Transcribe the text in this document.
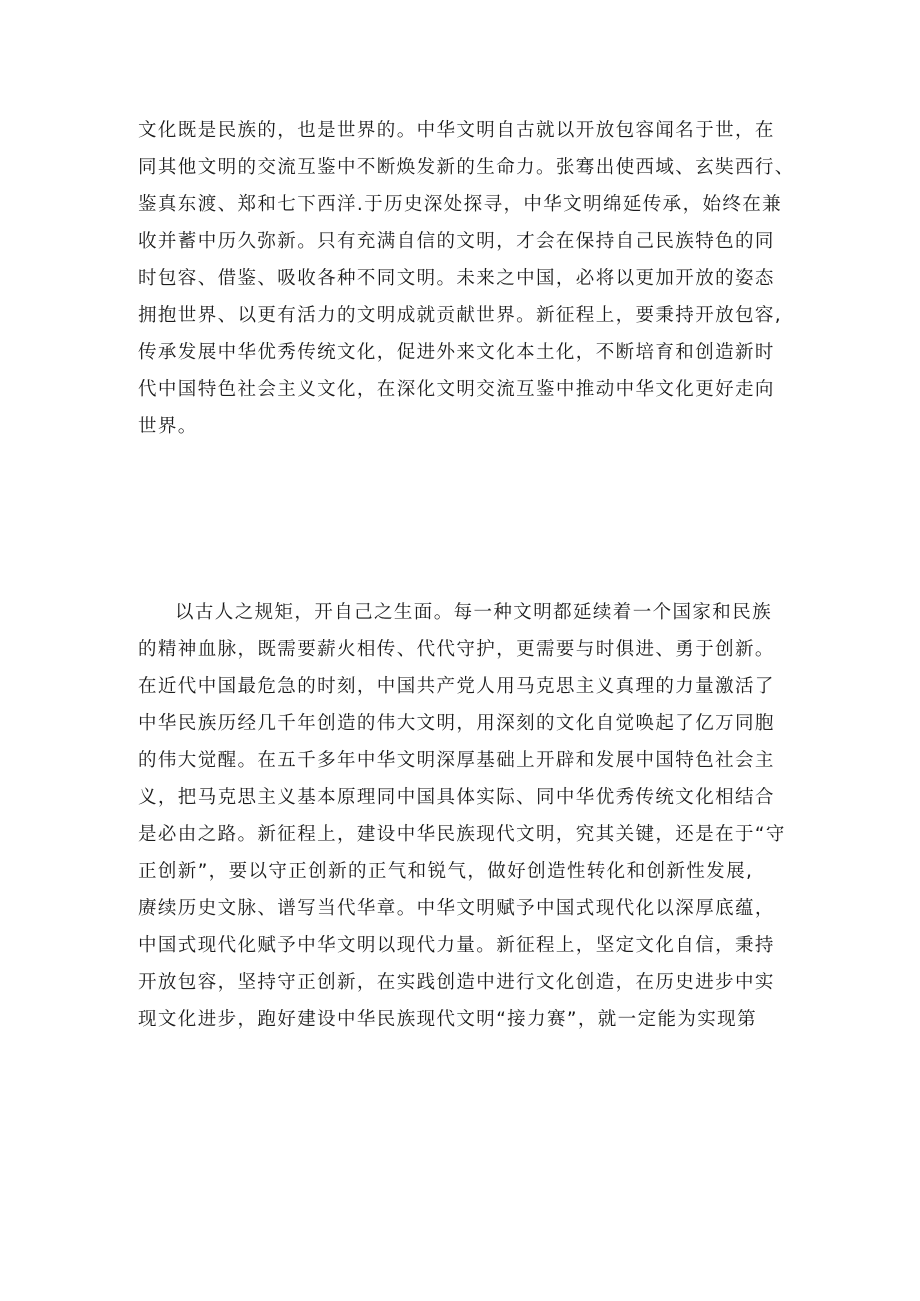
文化既是民族的，也是世界的。中华文明自古就以开放包容闻名于世，在
同其他文明的交流互鉴中不断焕发新的生命力。张骞出使西域、玄奘西行、
鉴真东渡、郑和七下西洋.于历史深处探寻，中华文明绵延传承，始终在兼
收并蓄中历久弥新。只有充满自信的文明，才会在保持自己民族特色的同
时包容、借鉴、吸收各种不同文明。未来之中国，必将以更加开放的姿态
拥抱世界、以更有活力的文明成就贡献世界。新征程上，要秉持开放包容,
传承发展中华优秀传统文化，促进外来文化本土化，不断培育和创造新时
代中国特色社会主义文化，在深化文明交流互鉴中推动中华文化更好走向
世界。
以古人之规矩，开自己之生面。每一种文明都延续着一个国家和民族
的精神血脉，既需要薪火相传、代代守护，更需要与时俱进、勇于创新。
在近代中国最危急的时刻，中国共产党人用马克思主义真理的力量激活了
中华民族历经几千年创造的伟大文明，用深刻的文化自觉唤起了亿万同胞
的伟大觉醒。在五千多年中华文明深厚基础上开辟和发展中国特色社会主
义，把马克思主义基本原理同中国具体实际、同中华优秀传统文化相结合
是必由之路。新征程上，建设中华民族现代文明，究其关键，还是在于“守
正创新”，要以守正创新的正气和锐气，做好创造性转化和创新性发展,
赓续历史文脉、谱写当代华章。中华文明赋予中国式现代化以深厚底蕴，
中国式现代化赋予中华文明以现代力量。新征程上，坚定文化自信，秉持
开放包容，坚持守正创新，在实践创造中进行文化创造，在历史进步中实
现文化进步，跑好建设中华民族现代文明“接力赛”，就一定能为实现第
